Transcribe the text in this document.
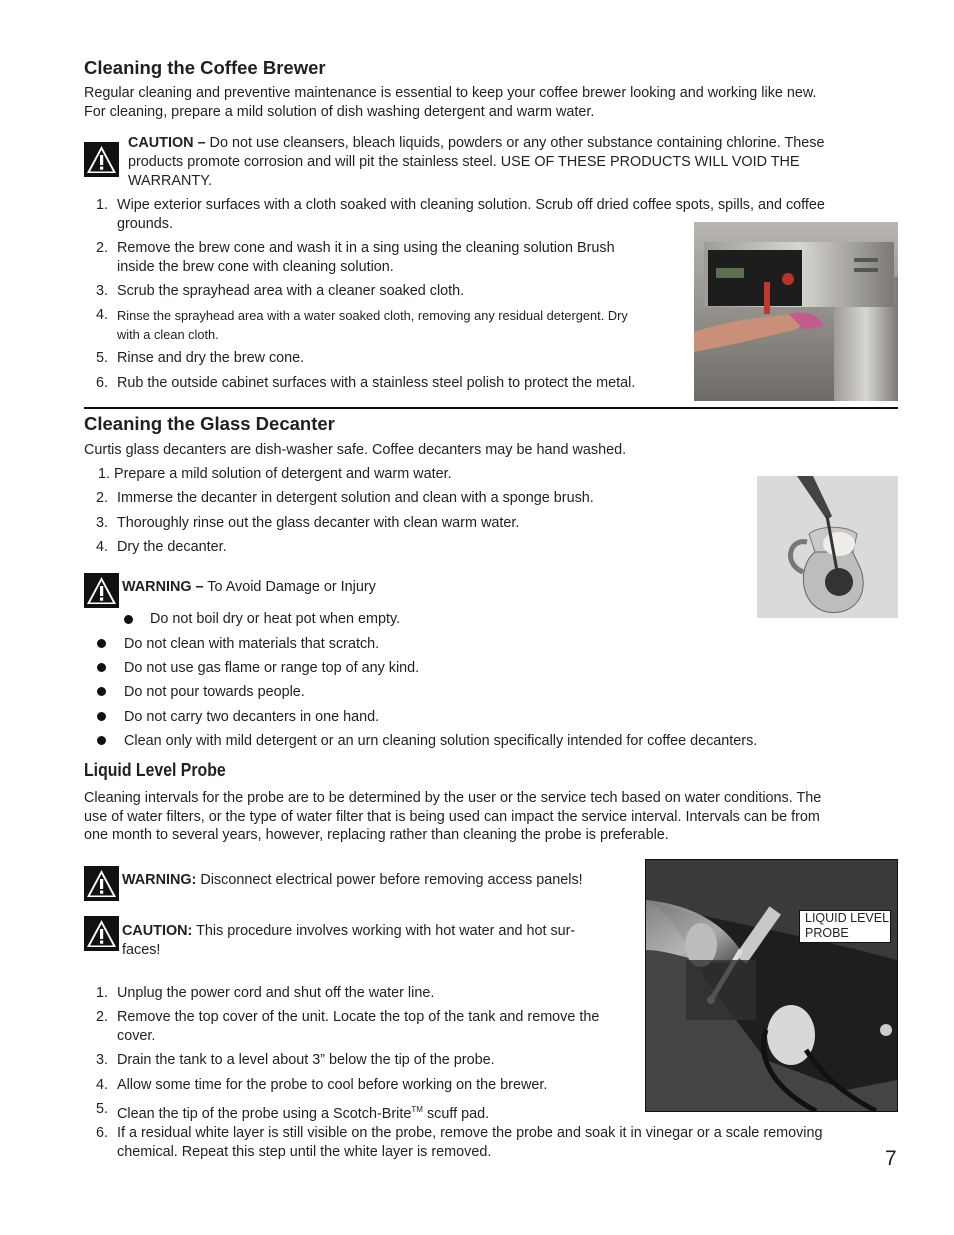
Cleaning the Coffee Brewer

Regular cleaning and preventive maintenance is essential to keep your coffee brewer looking and working like new.

For cleaning, prepare a mild solution of dish washing detergent and warm water.

CAUTION – Do not use cleansers, bleach liquids, powders or any other substance containing chlorine. These

products promote corrosion and will pit the stainless steel. USE OF THESE PRODUCTS WILL VOID THE

WARRANTY.

1. Wipe exterior surfaces with a cloth soaked with cleaning solution. Scrub off dried coffee spots, spills, and coffee
grounds.
2. Remove the brew cone and wash it in a sing using the cleaning solution Brush
inside the brew cone with cleaning solution.
3. Scrub the sprayhead area with a cleaner soaked cloth.
4. Rinse the sprayhead area with a water soaked cloth, removing any residual detergent. Dry
with a clean cloth.
5. Rinse and dry the brew cone.
6. Rub the outside cabinet surfaces with a stainless steel polish to protect the metal.
Cleaning the Glass Decanter

Curtis glass decanters are dish-washer safe. Coffee decanters may be hand washed.

1. Prepare a mild solution of detergent and warm water.
2. Immerse the decanter in detergent solution and clean with a sponge brush.
3. Thoroughly rinse out the glass decanter with clean warm water.
4. Dry the decanter.

WARNING – To Avoid Damage or Injury

Do not boil dry or heat pot when empty.
Do not clean with materials that scratch.
Do not use gas flame or range top of any kind.
Do not pour towards people.
Do not carry two decanters in one hand.
Clean only with mild detergent or an urn cleaning solution specifically intended for coffee decanters.
Liquid Level Probe

Cleaning intervals for the probe are to be determined by the user or the service tech based on water conditions. The

use of water filters, or the type of water filter that is being used can impact the service interval. Intervals can be from

one month to several years, however, replacing rather than cleaning the probe is preferable.

WARNING: Disconnect electrical power before removing access panels!

CAUTION: This procedure involves working with hot water and hot sur-

faces!

1. Unplug the power cord and shut off the water line.
2. Remove the top cover of the unit. Locate the top of the tank and remove the
cover.
3. Drain the tank to a level about 3” below the tip of the probe.
4. Allow some time for the probe to cool before working on the brewer.
5. Clean the tip of the probe using a Scotch-Brite™ scuff pad.
6. If a residual white layer is still visible on the probe, remove the probe and soak it in vinegar or a scale removing
chemical. Repeat this step until the white layer is removed.
LIQUID LEVEL
PROBE
7
